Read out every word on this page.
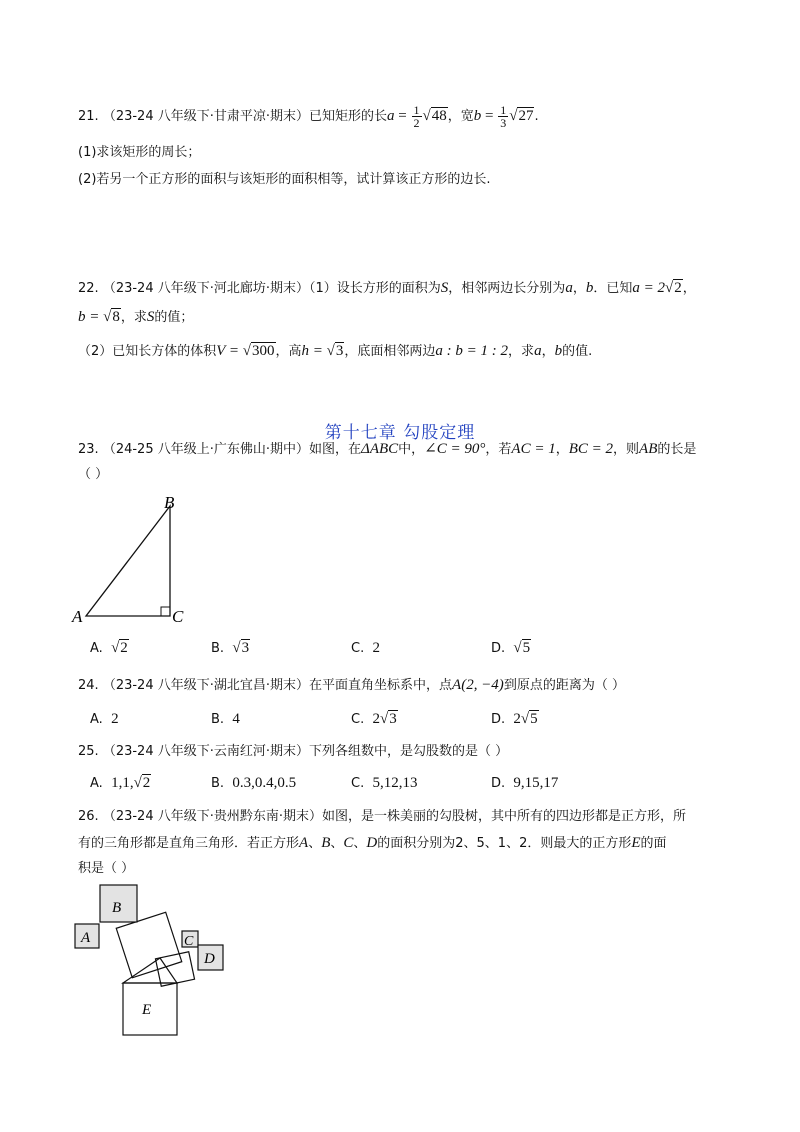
21. （23-24 八年级下·甘肃平凉·期末）已知矩形的长$a = \frac{1}{2} √48$，宽$b = \frac{1}{3} √27$.
(1)求该矩形的周长；
(2)若另一个正方形的面积与该矩形的面积相等，试计算该正方形的边长.
22. （23-24 八年级下·河北廊坊·期末）（1）设长方形的面积为S，相邻两边长分别为a，b．已知a = 2√2，
b = √8，求S的值；
（2）已知长方体的体积V = √300，高h = √3，底面相邻两边a : b = 1 : 2，求a，b的值.
第十七章 勾股定理
23. （24-25 八年级上·广东佛山·期中）如图，在ΔABC中，∠C = 90°，若AC = 1，BC = 2，则AB的长是
（ ）
A
B
C
A. √2	B. √3	C. 2	D. √5
24. （23-24 八年级下·湖北宜昌·期末）在平面直角坐标系中，点A(2, −4)到原点的距离为（ ）
A. 2	B. 4	C. 2√3	D. 2√5
25. （23-24 八年级下·云南红河·期末）下列各组数中，是勾股数的是（ ）
A. 1,1,√2	B. 0.3,0.4,0.5	C. 5,12,13	D. 9,15,17
26. （23-24 八年级下·贵州黔东南·期末）如图，是一株美丽的勾股树，其中所有的四边形都是正方形，所
有的三角形都是直角三角形．若正方形A、B、C、D的面积分别为2、5、1、2．则最大的正方形E的面
积是（ ）
B
A	C
D
E
